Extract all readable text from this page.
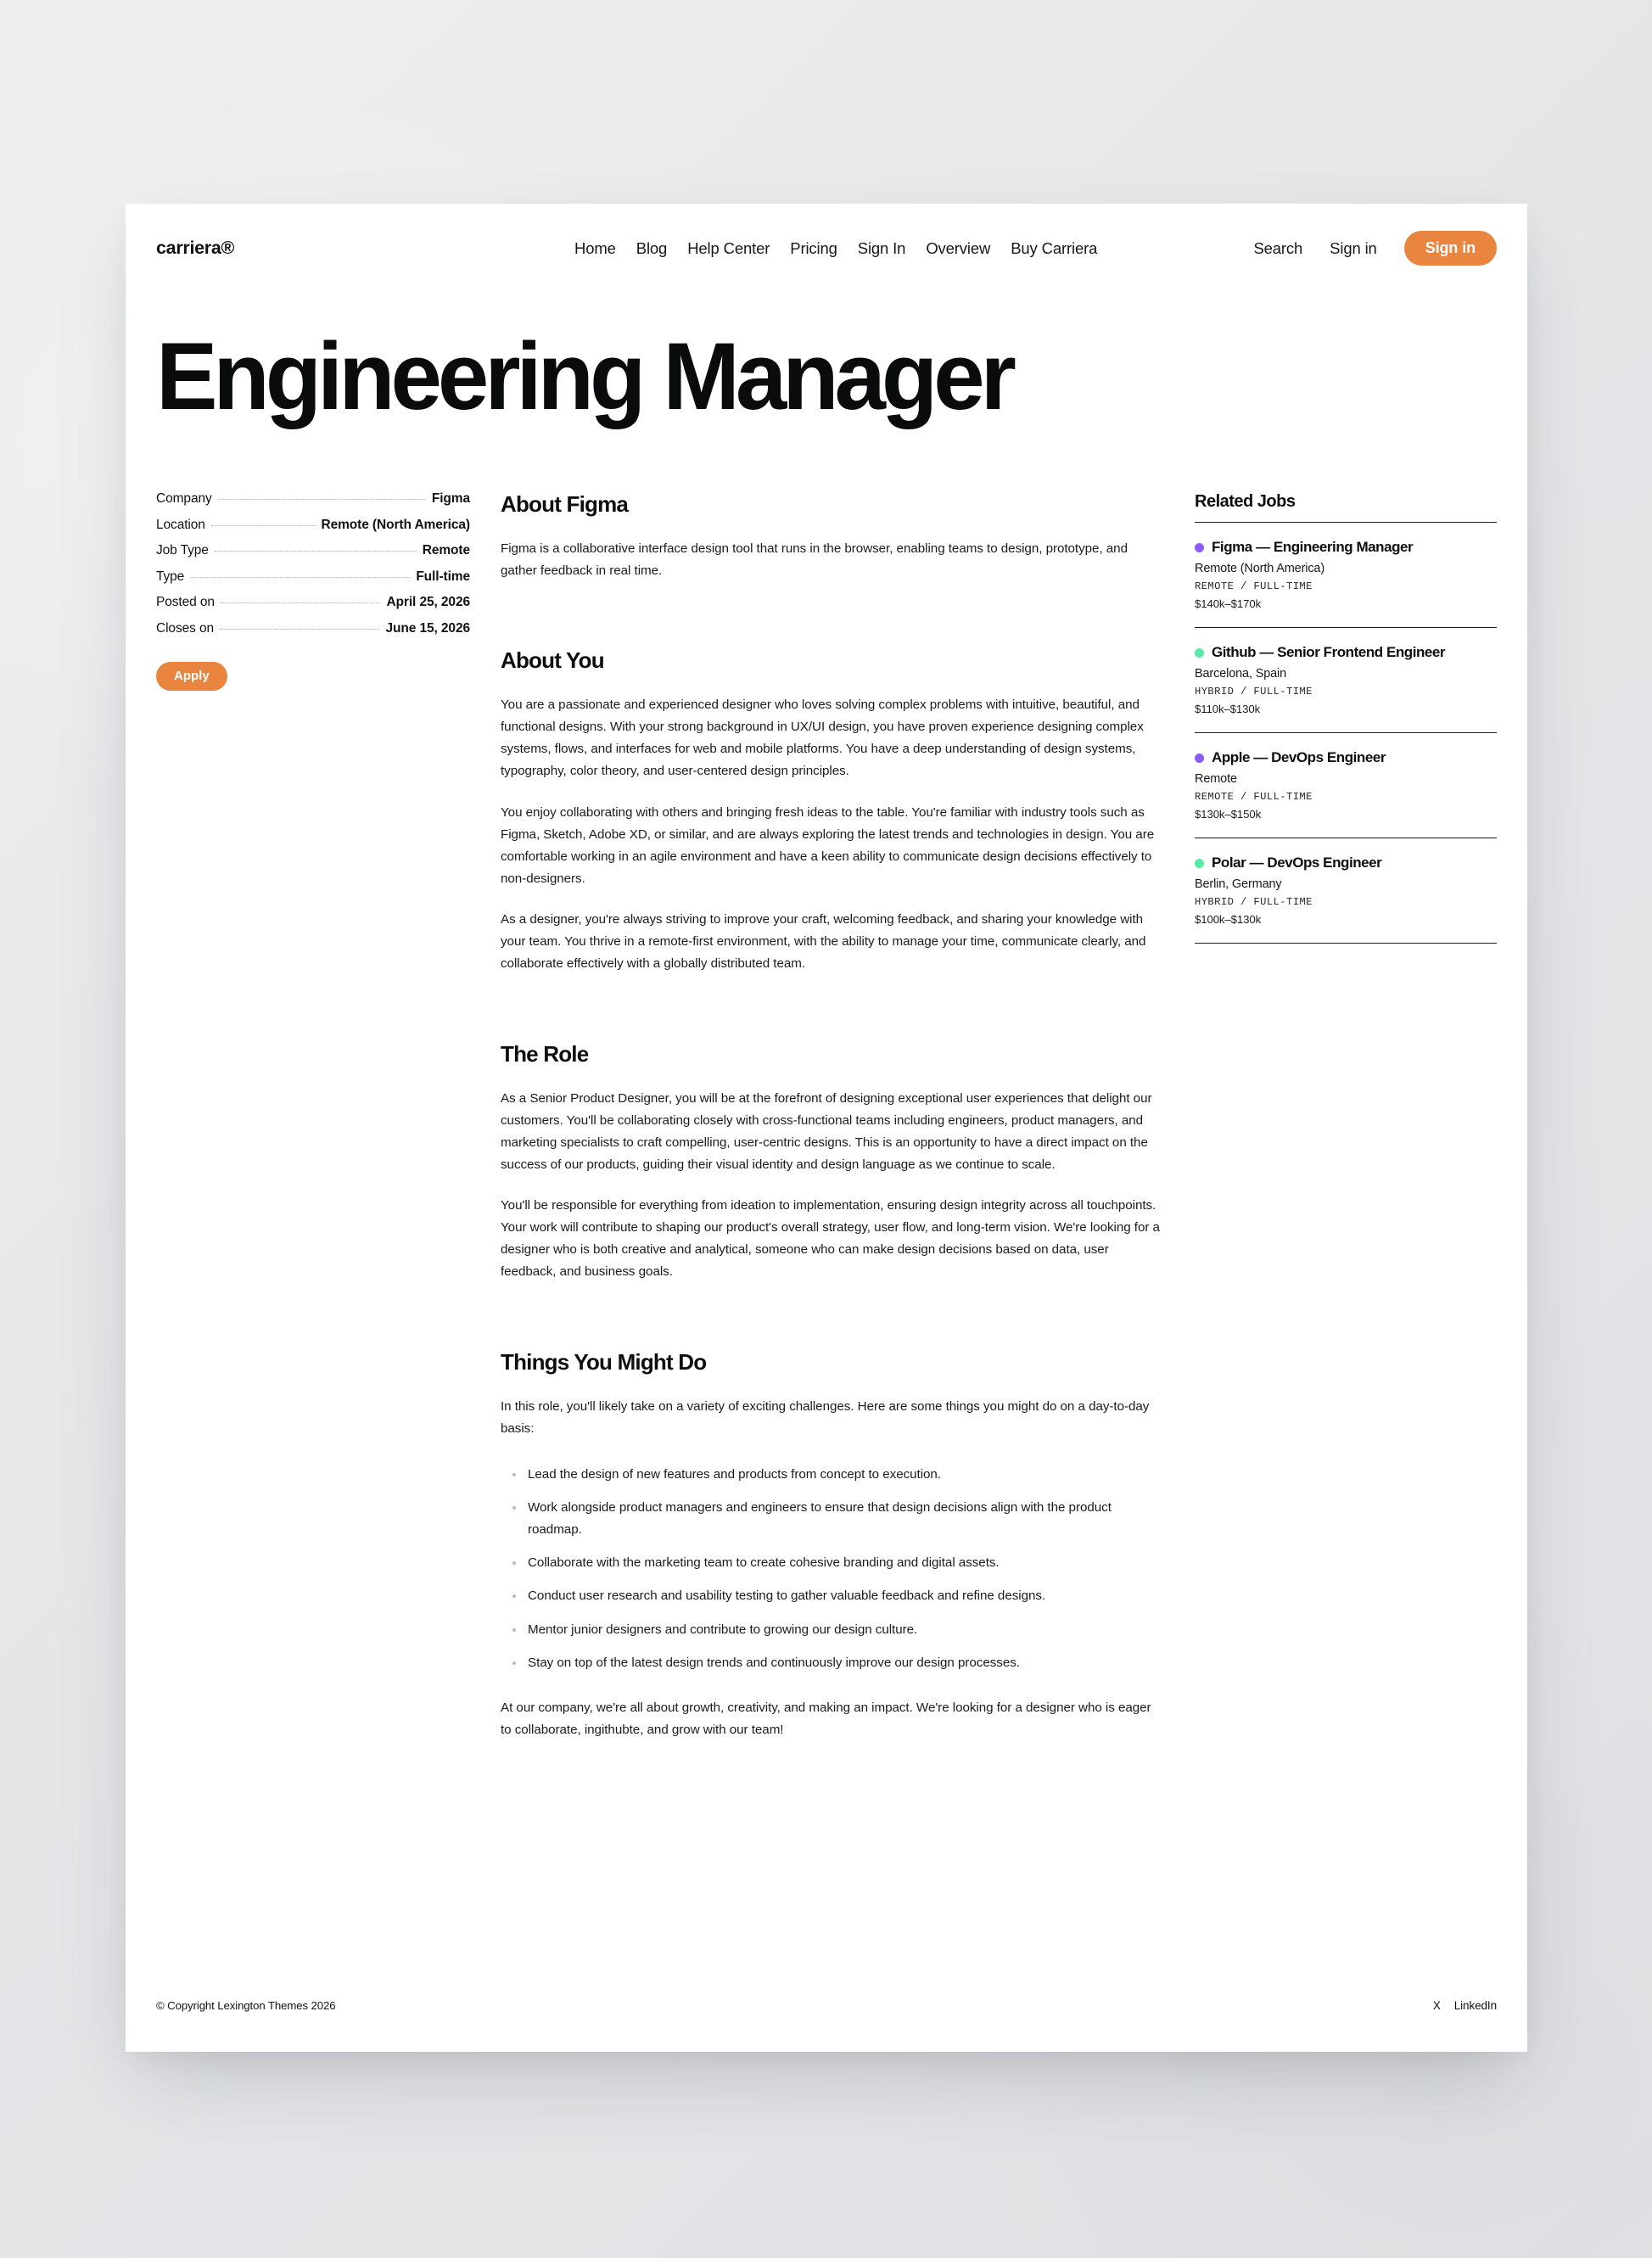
carriera®	Home Blog Help Center Pricing Sign In Overview Buy Carriera	Search Sign in	Sign in
Engineering Manager
Company	Figma
Location	Remote (North America)
Job Type	Remote
Type	Full-time
Posted on	April 25, 2026
Closes on	June 15, 2026
Apply
About Figma

Figma is a collaborative interface design tool that runs in the browser, enabling teams to design, prototype, and gather feedback in real time.

About You

You are a passionate and experienced designer who loves solving complex problems with intuitive, beautiful, and functional designs. With your strong background in UX/UI design, you have proven experience designing complex systems, flows, and interfaces for web and mobile platforms. You have a deep understanding of design systems, typography, color theory, and user-centered design principles.

You enjoy collaborating with others and bringing fresh ideas to the table. You're familiar with industry tools such as Figma, Sketch, Adobe XD, or similar, and are always exploring the latest trends and technologies in design. You are comfortable working in an agile environment and have a keen ability to communicate design decisions effectively to non-designers.

As a designer, you're always striving to improve your craft, welcoming feedback, and sharing your knowledge with your team. You thrive in a remote-first environment, with the ability to manage your time, communicate clearly, and collaborate effectively with a globally distributed team.

The Role

As a Senior Product Designer, you will be at the forefront of designing exceptional user experiences that delight our customers. You'll be collaborating closely with cross-functional teams including engineers, product managers, and marketing specialists to craft compelling, user-centric designs. This is an opportunity to have a direct impact on the success of our products, guiding their visual identity and design language as we continue to scale.

You'll be responsible for everything from ideation to implementation, ensuring design integrity across all touchpoints. Your work will contribute to shaping our product's overall strategy, user flow, and long-term vision. We're looking for a designer who is both creative and analytical, someone who can make design decisions based on data, user feedback, and business goals.

Things You Might Do

In this role, you'll likely take on a variety of exciting challenges. Here are some things you might do on a day-to-day basis:

Lead the design of new features and products from concept to execution.
Work alongside product managers and engineers to ensure that design decisions align with the product roadmap.
Collaborate with the marketing team to create cohesive branding and digital assets.
Conduct user research and usability testing to gather valuable feedback and refine designs.
Mentor junior designers and contribute to growing our design culture.
Stay on top of the latest design trends and continuously improve our design processes.

At our company, we're all about growth, creativity, and making an impact. We're looking for a designer who is eager to collaborate, ingithubte, and grow with our team!

Related Jobs
Figma — Engineering Manager
Remote (North America)
REMOTE / FULL-TIME
$140k–$170k
Github — Senior Frontend Engineer
Barcelona, Spain
HYBRID / FULL-TIME
$110k–$130k
Apple — DevOps Engineer
Remote
REMOTE / FULL-TIME
$130k–$150k
Polar — DevOps Engineer
Berlin, Germany
HYBRID / FULL-TIME
$100k–$130k
© Copyright Lexington Themes 2026	X LinkedIn
